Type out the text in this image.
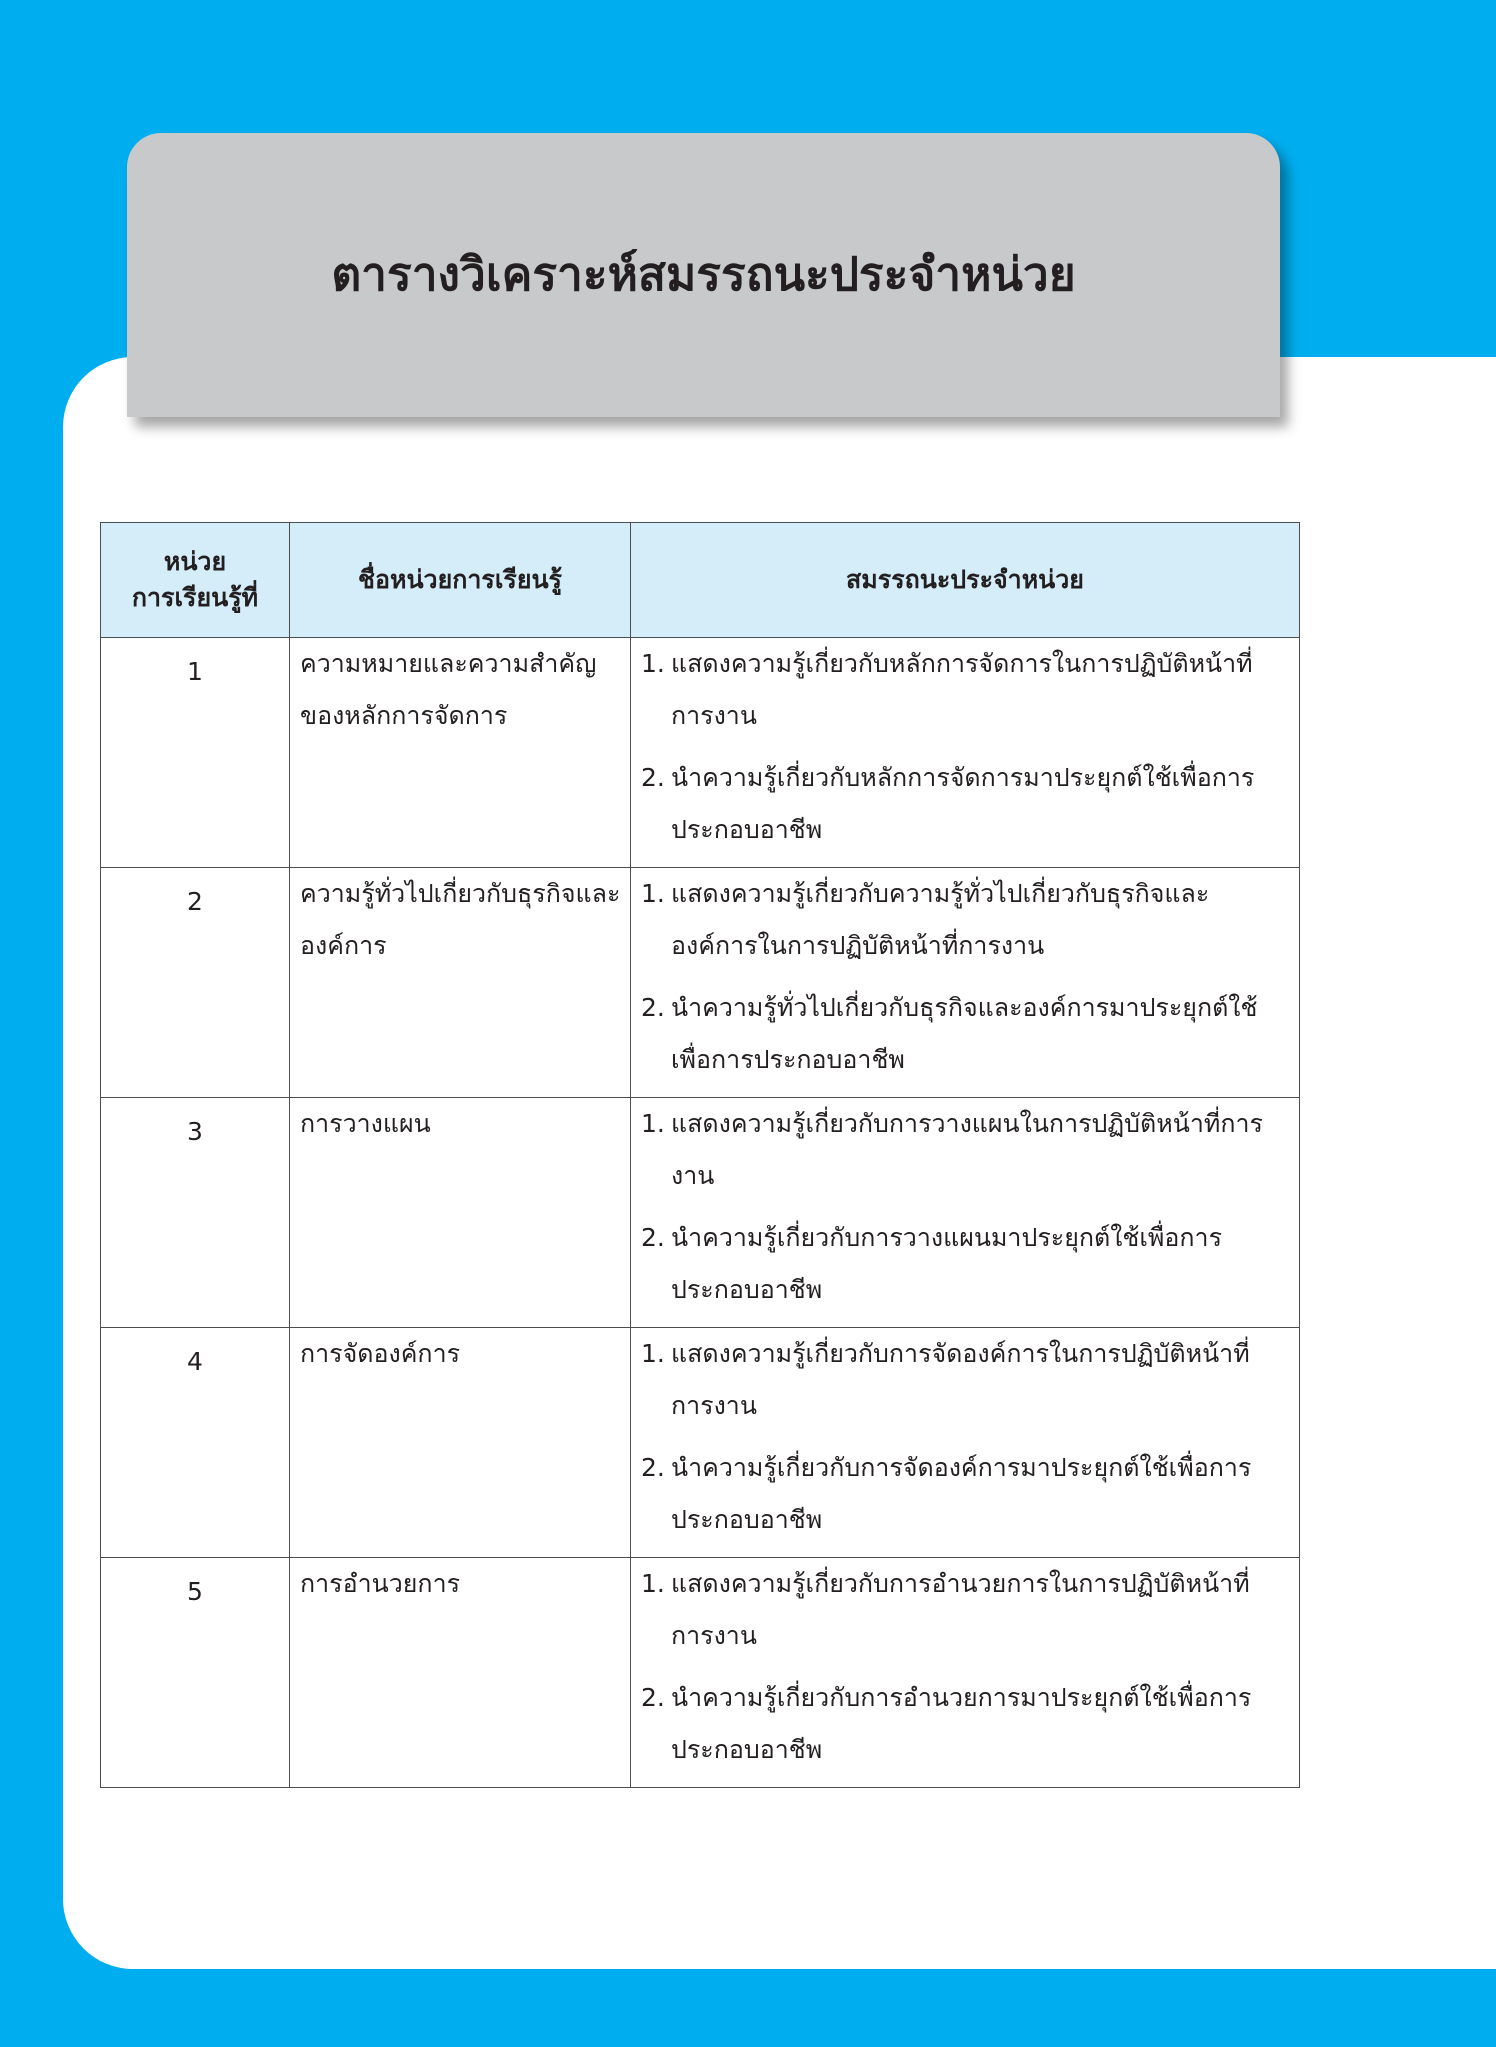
ตารางวิเคราะห์สมรรถนะประจำหน่วย
หน่วย
การเรียนรู้ที่	ชื่อหน่วยการเรียนรู้	สมรรถนะประจำหน่วย
1	ความหมายและความสำคัญของหลักการจัดการ	1. แสดงความรู้เกี่ยวกับหลักการจัดการในการปฏิบัติหน้าที่การงาน
2. นำความรู้เกี่ยวกับหลักการจัดการมาประยุกต์ใช้เพื่อการประกอบอาชีพ

2	ความรู้ทั่วไปเกี่ยวกับธุรกิจและองค์การ	1. แสดงความรู้เกี่ยวกับความรู้ทั่วไปเกี่ยวกับธุรกิจและองค์การในการปฏิบัติหน้าที่การงาน
2. นำความรู้ทั่วไปเกี่ยวกับธุรกิจและองค์การมาประยุกต์ใช้เพื่อการประกอบอาชีพ

3	การวางแผน	1. แสดงความรู้เกี่ยวกับการวางแผนในการปฏิบัติหน้าที่การงาน
2. นำความรู้เกี่ยวกับการวางแผนมาประยุกต์ใช้เพื่อการประกอบอาชีพ

4	การจัดองค์การ	1. แสดงความรู้เกี่ยวกับการจัดองค์การในการปฏิบัติหน้าที่การงาน
2. นำความรู้เกี่ยวกับการจัดองค์การมาประยุกต์ใช้เพื่อการประกอบอาชีพ

5	การอำนวยการ	1. แสดงความรู้เกี่ยวกับการอำนวยการในการปฏิบัติหน้าที่การงาน
2. นำความรู้เกี่ยวกับการอำนวยการมาประยุกต์ใช้เพื่อการประกอบอาชีพ
